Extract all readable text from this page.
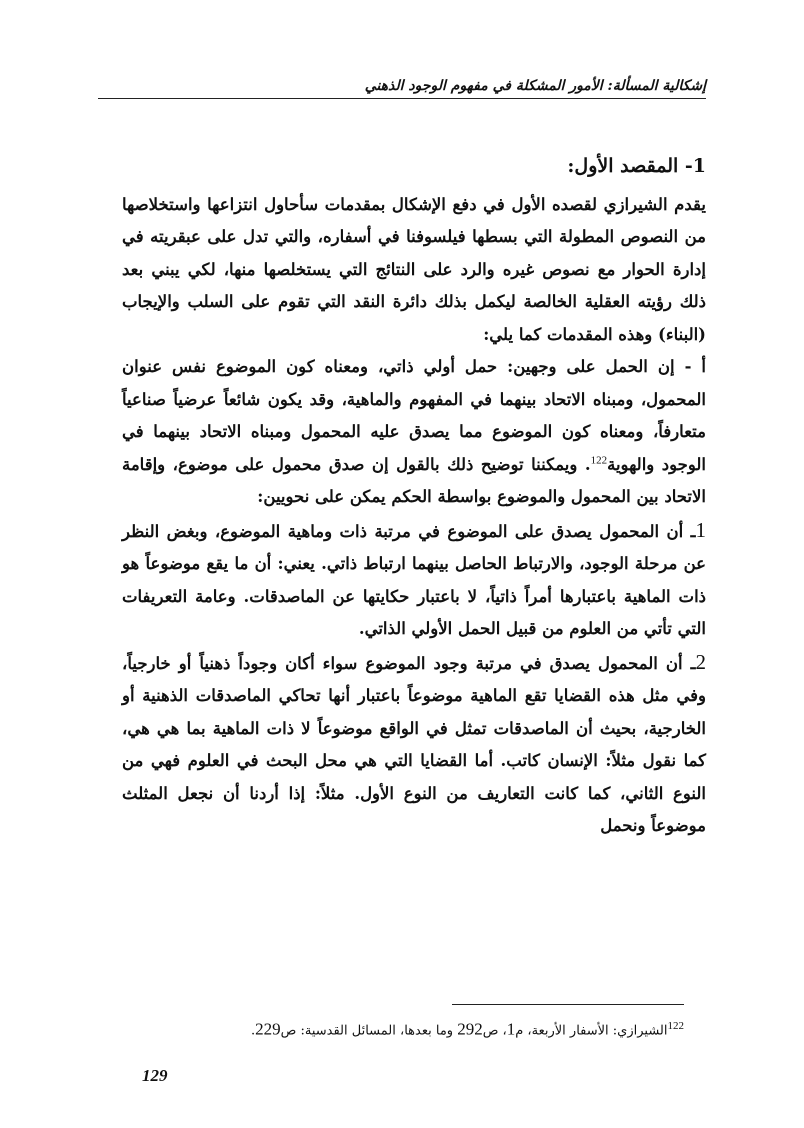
إشكالية المسألة: الأمور المشكلة في مفهوم الوجود الذهني

1- المقصد الأول:

يقدم الشيرازي لقصده الأول في دفع الإشكال بمقدمات سأحاول انتزاعها واستخلاصها من النصوص المطولة التي بسطها فيلسوفنا في أسفاره، والتي تدل على عبقريته في إدارة الحوار مع نصوص غيره والرد على النتائج التي يستخلصها منها، لكي يبني بعد ذلك رؤيته العقلية الخالصة ليكمل بذلك دائرة النقد التي تقوم على السلب والإيجاب (البناء) وهذه المقدمات كما يلي:

أ - إن الحمل على وجهين: حمل أولي ذاتي، ومعناه كون الموضوع نفس عنوان المحمول، ومبناه الاتحاد بينهما في المفهوم والماهية، وقد يكون شائعاً عرضياً صناعياً متعارفاً، ومعناه كون الموضوع مما يصدق عليه المحمول ومبناه الاتحاد بينهما في الوجود والهوية$^{122}$. ويمكننا توضيح ذلك بالقول إن صدق محمول على موضوع، وإقامة الاتحاد بين المحمول والموضوع بواسطة الحكم يمكن على نحويين:

1ـ أن المحمول يصدق على الموضوع في مرتبة ذات وماهية الموضوع، وبغض النظر عن مرحلة الوجود، والارتباط الحاصل بينهما ارتباط ذاتي. يعني: أن ما يقع موضوعاً هو ذات الماهية باعتبارها أمراً ذاتياً، لا باعتبار حكايتها عن الماصدقات. وعامة التعريفات التي تأتي من العلوم من قبيل الحمل الأولي الذاتي.

2ـ أن المحمول يصدق في مرتبة وجود الموضوع سواء أكان وجوداً ذهنياً أو خارجياً، وفي مثل هذه القضايا تقع الماهية موضوعاً باعتبار أنها تحاكي الماصدقات الذهنية أو الخارجية، بحيث أن الماصدقات تمثل في الواقع موضوعاً لا ذات الماهية بما هي هي، كما نقول مثلاً: الإنسان كاتب. أما القضايا التي هي محل البحث في العلوم فهي من النوع الثاني، كما كانت التعاريف من النوع الأول. مثلاً: إذا أردنا أن نجعل المثلث موضوعاً ونحمل

$^{122}$الشيرازي: الأسفار الأربعة، م1، ص292 وما بعدها، المسائل القدسية: ص229.
129
